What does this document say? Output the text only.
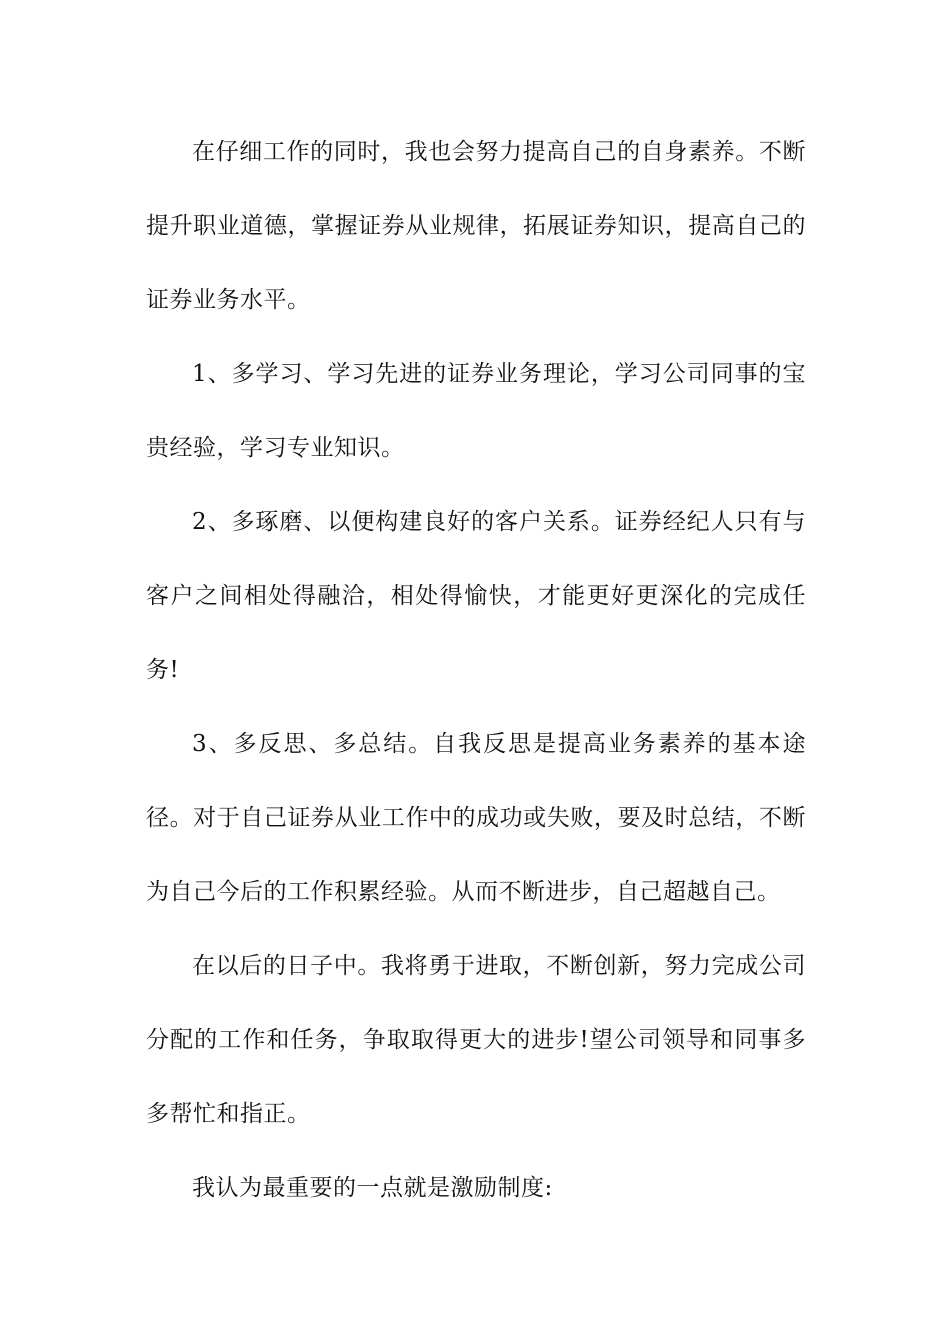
在仔细工作的同时，我也会努力提高自己的自身素养。不断提升职业道德，掌握证券从业规律，拓展证券知识，提高自己的证券业务水平。

1、多学习、学习先进的证券业务理论，学习公司同事的宝贵经验，学习专业知识。

2、多琢磨、以便构建良好的客户关系。证券经纪人只有与客户之间相处得融洽，相处得愉快，才能更好更深化的完成任务!

3、多反思、多总结。自我反思是提高业务素养的基本途径。对于自己证券从业工作中的成功或失败，要及时总结，不断为自己今后的工作积累经验。从而不断进步，自己超越自己。

在以后的日子中。我将勇于进取，不断创新，努力完成公司分配的工作和任务，争取取得更大的进步!望公司领导和同事多多帮忙和指正。

我认为最重要的一点就是激励制度:
